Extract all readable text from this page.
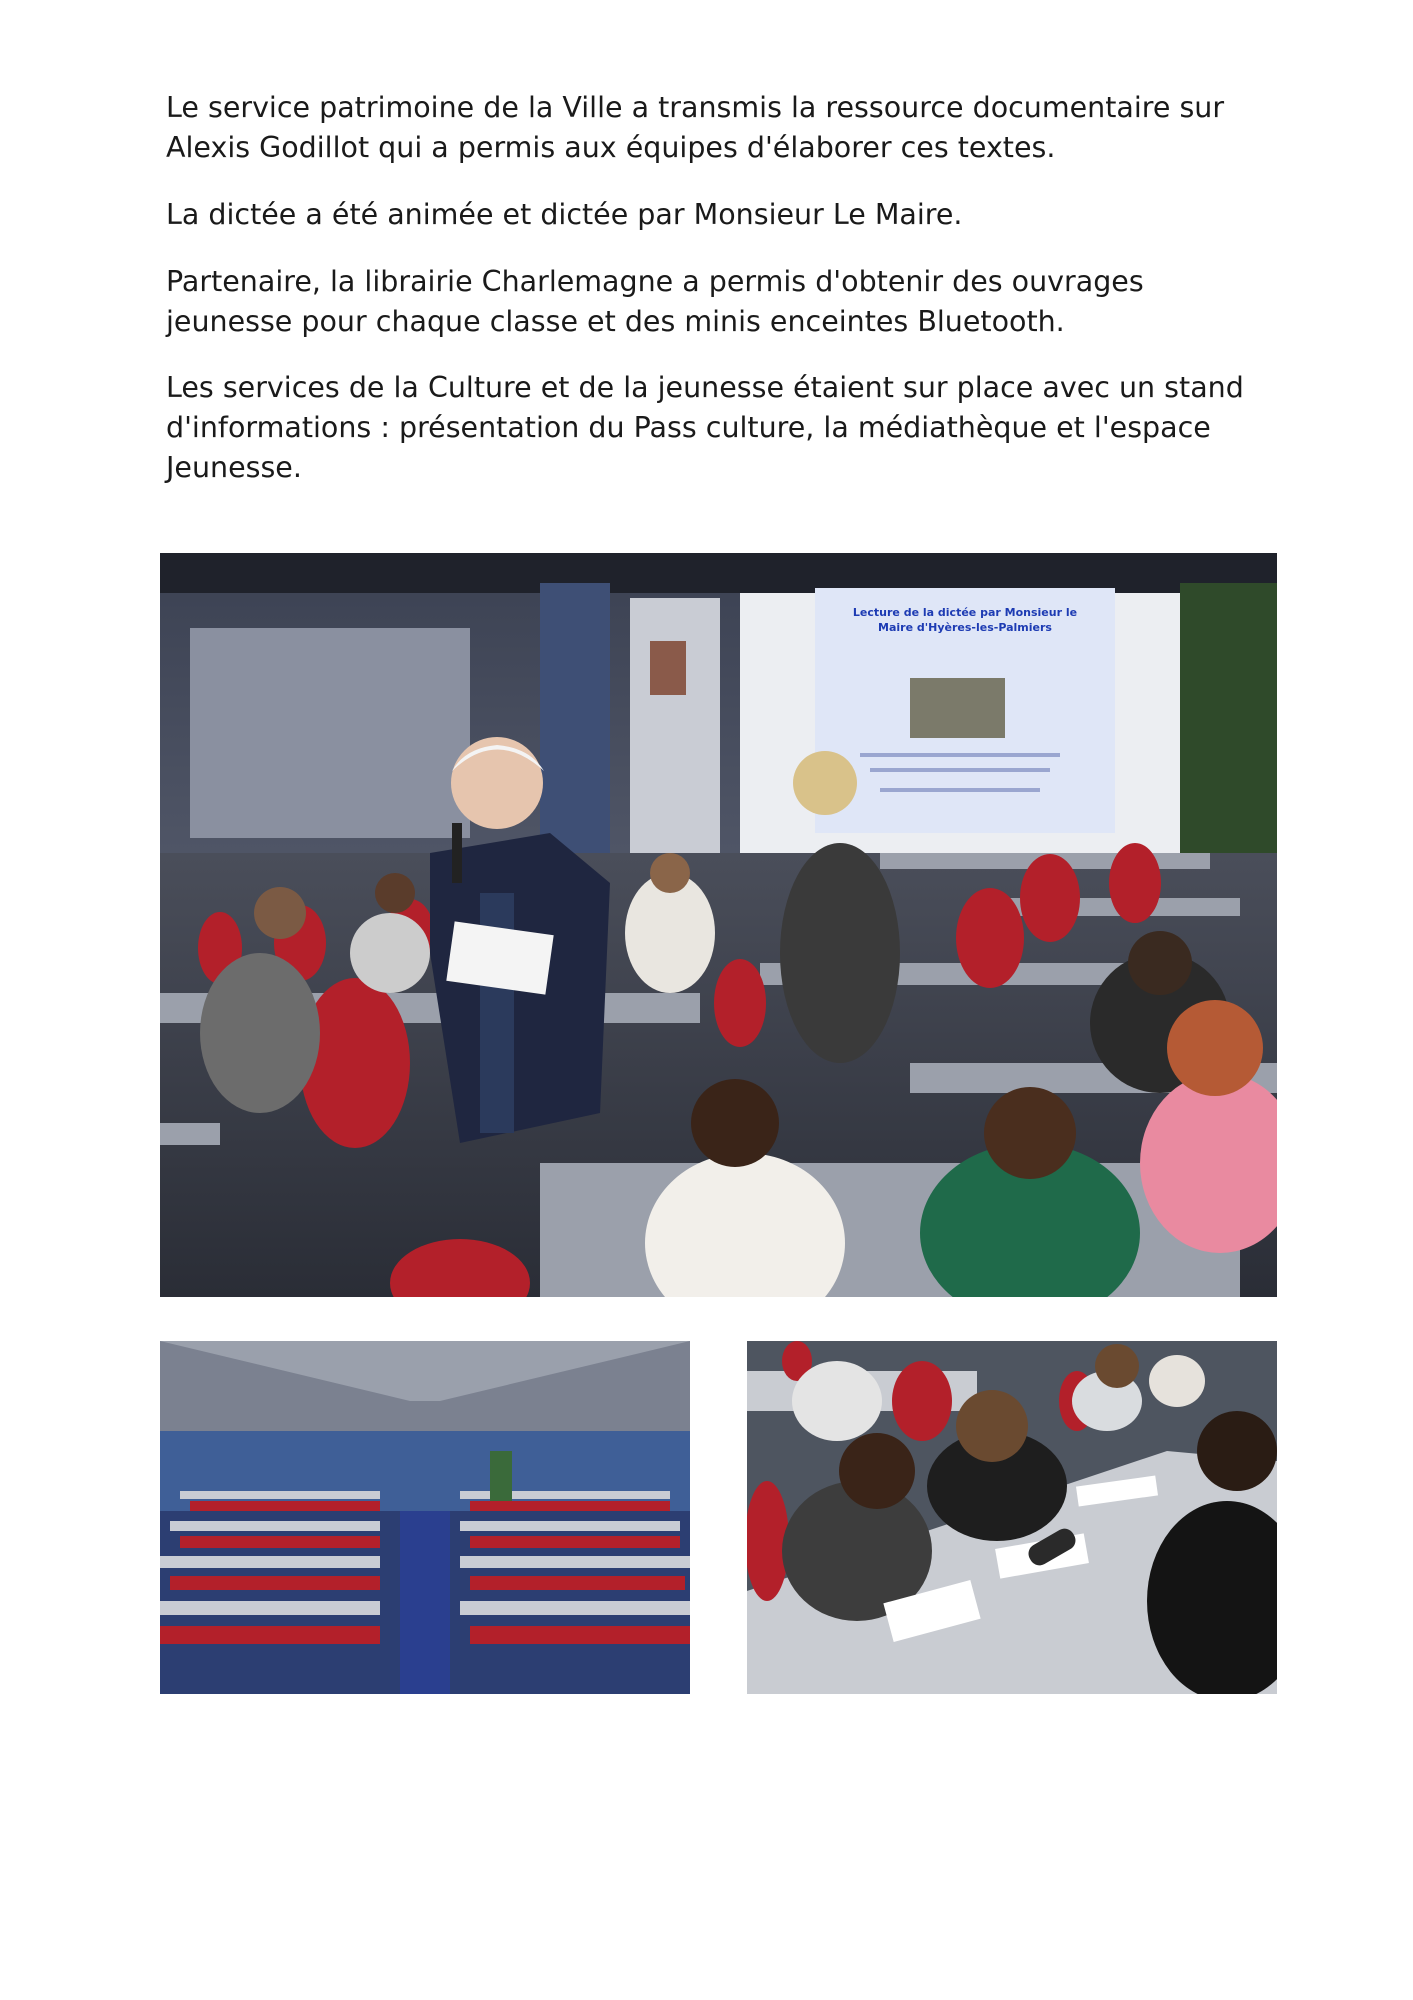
Le service patrimoine de la Ville a transmis la ressource documentaire sur Alexis Godillot qui a permis aux équipes d'élaborer ces textes.

La dictée a été animée et dictée par Monsieur Le Maire.

Partenaire, la librairie Charlemagne a permis d'obtenir des ouvrages jeunesse pour chaque classe et des minis enceintes Bluetooth.

Les services de la Culture et de la jeunesse étaient sur place avec un stand d'informations : présentation du Pass culture, la médiathèque et l'espace Jeunesse.

Lecture de la dictée par Monsieur le Maire d'Hyères-les-Palmiers
